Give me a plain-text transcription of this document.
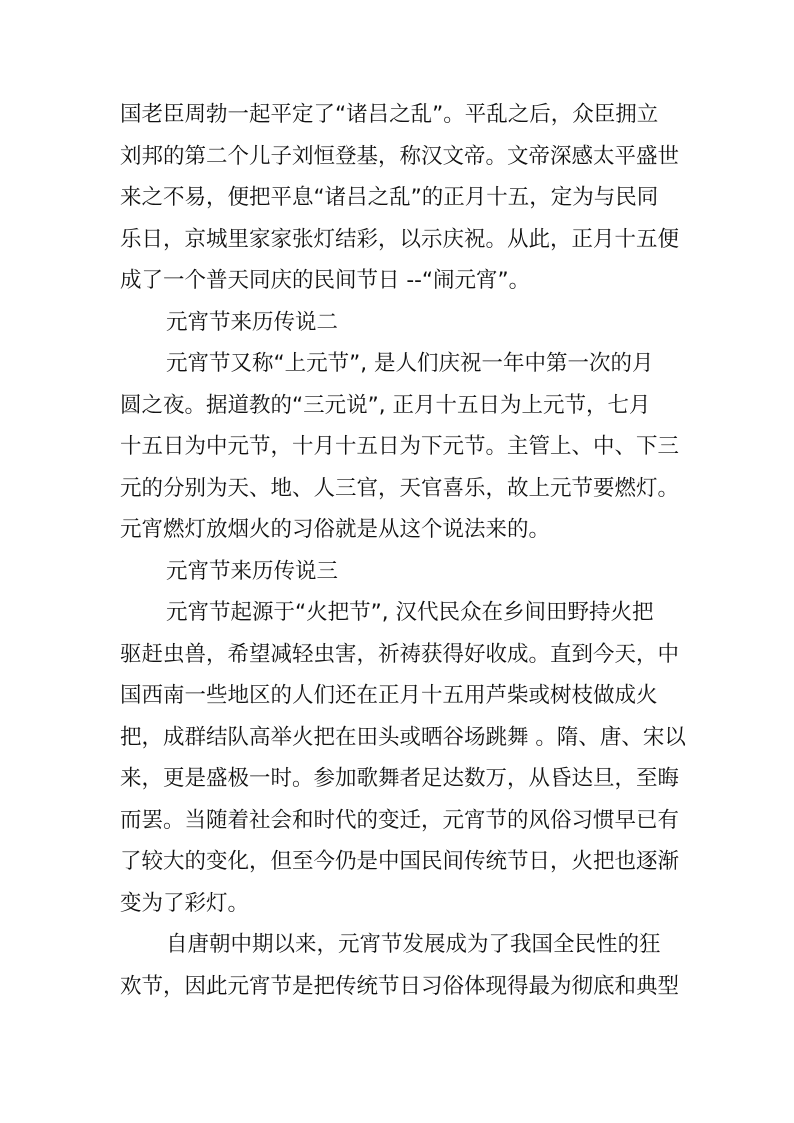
国老臣周勃一起平定了“诸吕之乱”。平乱之后，众臣拥立
刘邦的第二个儿子刘恒登基，称汉文帝。文帝深感太平盛世
来之不易，便把平息“诸吕之乱”的正月十五，定为与民同
乐日，京城里家家张灯结彩，以示庆祝。从此，正月十五便
成了一个普天同庆的民间节日 --“闹元宵”。
元宵节来历传说二
元宵节又称“上元节”, 是人们庆祝一年中第一次的月
圆之夜。据道教的“三元说”, 正月十五日为上元节，七月
十五日为中元节，十月十五日为下元节。主管上、中、下三
元的分别为天、地、人三官，天官喜乐，故上元节要燃灯。
元宵燃灯放烟火的习俗就是从这个说法来的。
元宵节来历传说三
元宵节起源于“火把节”, 汉代民众在乡间田野持火把
驱赶虫兽，希望减轻虫害，祈祷获得好收成。直到今天，中
国西南一些地区的人们还在正月十五用芦柴或树枝做成火
把，成群结队高举火把在田头或晒谷场跳舞 。隋、唐、宋以
来，更是盛极一时。参加歌舞者足达数万，从昏达旦，至晦
而罢。当随着社会和时代的变迁，元宵节的风俗习惯早已有
了较大的变化，但至今仍是中国民间传统节日，火把也逐渐
变为了彩灯。
自唐朝中期以来，元宵节发展成为了我国全民性的狂
欢节，因此元宵节是把传统节日习俗体现得最为彻底和典型
